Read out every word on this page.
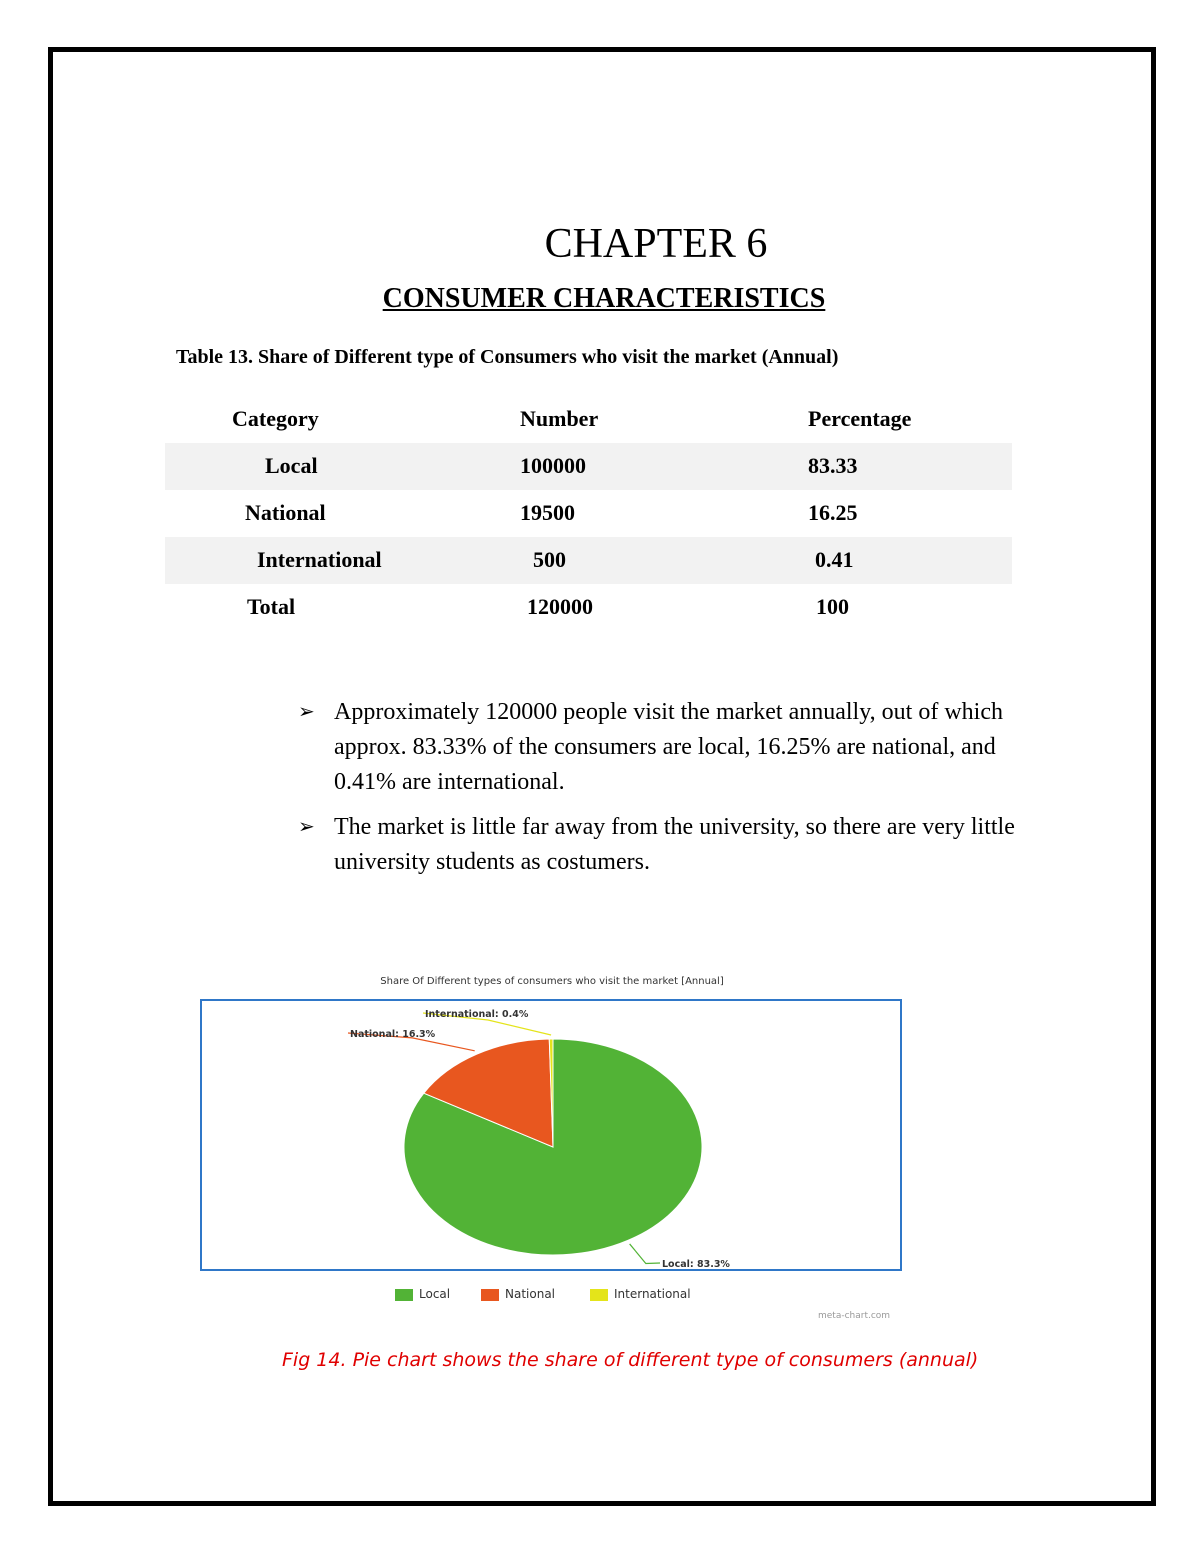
CHAPTER 6
CONSUMER CHARACTERISTICS
Table 13. Share of Different type of Consumers who visit the market (Annual)
Category	Number	Percentage
Local	100000	83.33
National	19500	16.25
International	500	0.41
Total	120000	100
➢ Approximately 120000 people visit the market annually, out of which approx. 83.33% of the consumers are local, 16.25% are national, and 0.41% are international.
➢ The market is little far away from the university, so there are very little university students as costumers.
Share Of Different types of consumers who visit the market [Annual]
Local: 83.3%
National: 16.3%
International: 0.4%
Local	National	International
meta-chart.com
Fig 14. Pie chart shows the share of different type of consumers (annual)
